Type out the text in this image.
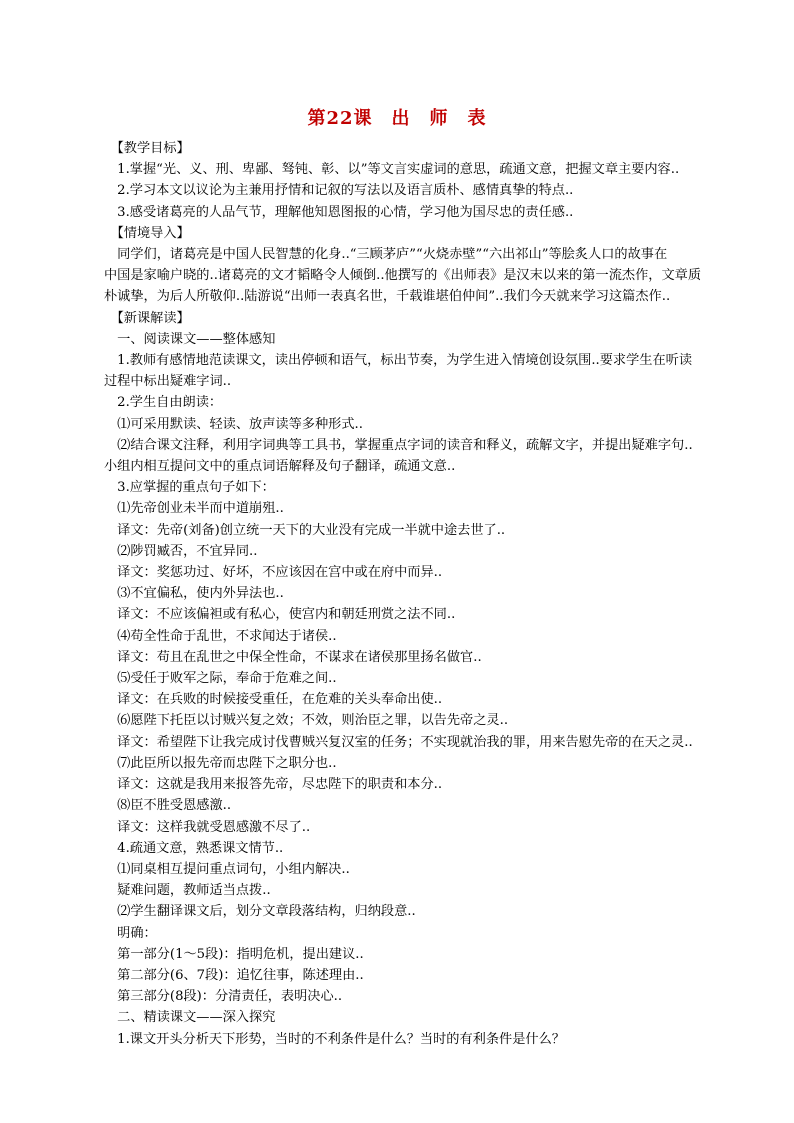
第22课　出　师　表

　【教学目标】

　1.掌握“光、义、刑、卑鄙、驽钝、彰、以”等文言实虚词的意思，疏通文意，把握文章主要内容..

　2.学习本文以议论为主兼用抒情和记叙的写法以及语言质朴、感情真挚的特点..

　3.感受诸葛亮的人品气节，理解他知恩图报的心情，学习他为国尽忠的责任感..

　【情境导入】

　同学们，诸葛亮是中国人民智慧的化身..“三顾茅庐”“火烧赤壁”“六出祁山”等脍炙人口的故事在

中国是家喻户晓的..诸葛亮的文才韬略令人倾倒..他撰写的《出师表》是汉末以来的第一流杰作，文章质

朴诚挚，为后人所敬仰..陆游说“出师一表真名世，千载谁堪伯仲间”..我们今天就来学习这篇杰作..

　【新课解读】

　一、阅读课文——整体感知

　1.教师有感情地范读课文，读出停顿和语气，标出节奏，为学生进入情境创设氛围..要求学生在听读

过程中标出疑难字词..

　2.学生自由朗读：

　⑴可采用默读、轻读、放声读等多种形式..

　⑵结合课文注释，利用字词典等工具书，掌握重点字词的读音和释义，疏解文字，并提出疑难字句..

小组内相互提问文中的重点词语解释及句子翻译，疏通文意..

　3.应掌握的重点句子如下：

　⑴先帝创业未半而中道崩殂..

　译文：先帝(刘备)创立统一天下的大业没有完成一半就中途去世了..

　⑵陟罚臧否，不宜异同..

　译文：奖惩功过、好坏，不应该因在宫中或在府中而异..

　⑶不宜偏私，使内外异法也..

　译文：不应该偏袒或有私心，使宫内和朝廷刑赏之法不同..

　⑷苟全性命于乱世，不求闻达于诸侯..

　译文：苟且在乱世之中保全性命，不谋求在诸侯那里扬名做官..

　⑸受任于败军之际，奉命于危难之间..

　译文：在兵败的时候接受重任，在危难的关头奉命出使..

　⑹愿陛下托臣以讨贼兴复之效；不效，则治臣之罪，以告先帝之灵..

　译文：希望陛下让我完成讨伐曹贼兴复汉室的任务；不实现就治我的罪，用来告慰先帝的在天之灵..

　⑺此臣所以报先帝而忠陛下之职分也..

　译文：这就是我用来报答先帝，尽忠陛下的职责和本分..

　⑻臣不胜受恩感激..

　译文：这样我就受恩感激不尽了..

　4.疏通文意，熟悉课文情节..

　⑴同桌相互提问重点词句，小组内解决..

　疑难问题，教师适当点拨..

　⑵学生翻译课文后，划分文章段落结构，归纳段意..

　明确：

　第一部分(1～5段)：指明危机，提出建议..

　第二部分(6、7段)：追忆往事，陈述理由..

　第三部分(8段)：分清责任，表明决心..

　二、精读课文——深入探究

　1.课文开头分析天下形势，当时的不利条件是什么？当时的有利条件是什么？
